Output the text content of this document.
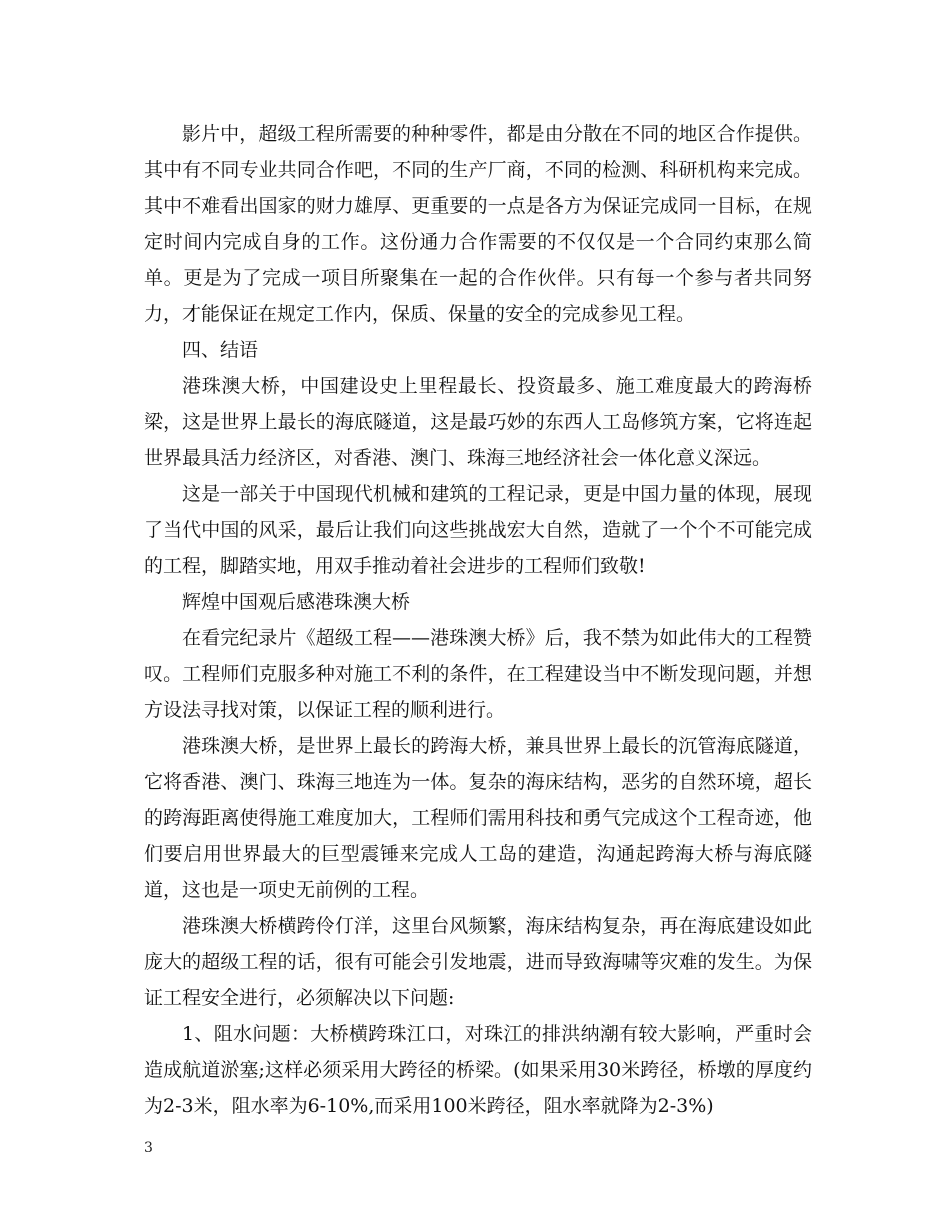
影片中，超级工程所需要的种种零件，都是由分散在不同的地区合作提供。其中有不同专业共同合作吧，不同的生产厂商，不同的检测、科研机构来完成。其中不难看出国家的财力雄厚、更重要的一点是各方为保证完成同一目标，在规定时间内完成自身的工作。这份通力合作需要的不仅仅是一个合同约束那么简单。更是为了完成一项目所聚集在一起的合作伙伴。只有每一个参与者共同努力，才能保证在规定工作内，保质、保量的安全的完成参见工程。

四、结语

港珠澳大桥，中国建设史上里程最长、投资最多、施工难度最大的跨海桥梁，这是世界上最长的海底隧道，这是最巧妙的东西人工岛修筑方案，它将连起世界最具活力经济区，对香港、澳门、珠海三地经济社会一体化意义深远。

这是一部关于中国现代机械和建筑的工程记录，更是中国力量的体现，展现了当代中国的风采，最后让我们向这些挑战宏大自然，造就了一个个不可能完成的工程，脚踏实地，用双手推动着社会进步的工程师们致敬!

辉煌中国观后感港珠澳大桥

在看完纪录片《超级工程——港珠澳大桥》后，我不禁为如此伟大的工程赞叹。工程师们克服多种对施工不利的条件，在工程建设当中不断发现问题，并想方设法寻找对策，以保证工程的顺利进行。

港珠澳大桥，是世界上最长的跨海大桥，兼具世界上最长的沉管海底隧道，它将香港、澳门、珠海三地连为一体。复杂的海床结构，恶劣的自然环境，超长的跨海距离使得施工难度加大，工程师们需用科技和勇气完成这个工程奇迹，他们要启用世界最大的巨型震锤来完成人工岛的建造，沟通起跨海大桥与海底隧道，这也是一项史无前例的工程。

港珠澳大桥横跨伶仃洋，这里台风频繁，海床结构复杂，再在海底建设如此庞大的超级工程的话，很有可能会引发地震，进而导致海啸等灾难的发生。为保证工程安全进行，必须解决以下问题:

1、阻水问题：大桥横跨珠江口，对珠江的排洪纳潮有较大影响，严重时会造成航道淤塞;这样必须采用大跨径的桥梁。(如果采用30米跨径，桥墩的厚度约为2-3米，阻水率为6-10%,而采用100米跨径，阻水率就降为2-3%)

3
